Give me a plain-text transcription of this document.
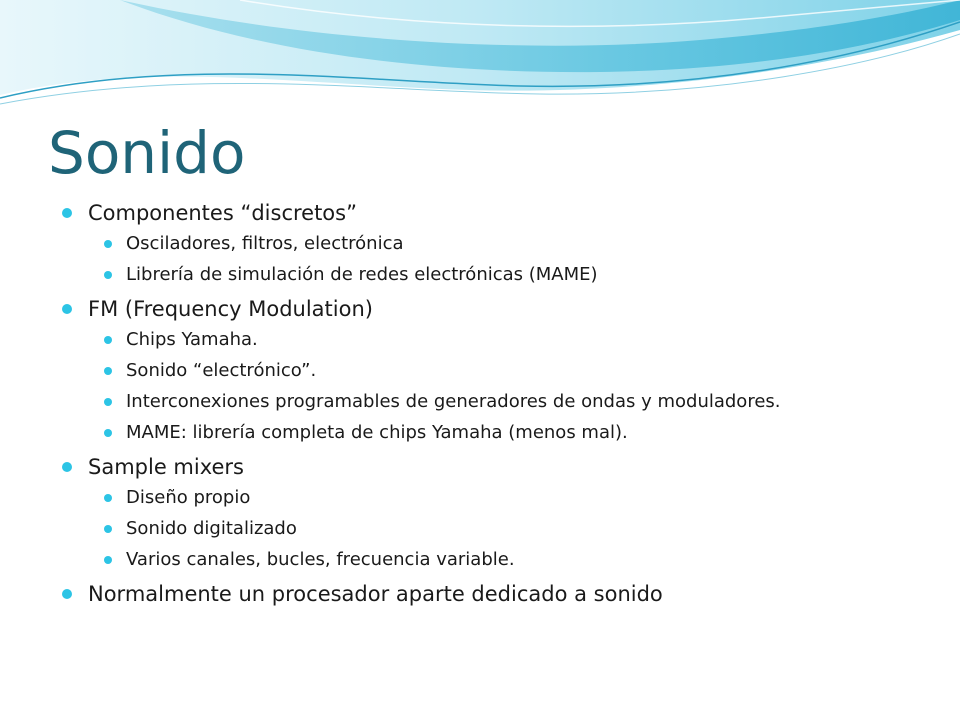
Sonido
Componentes “discretos”
Osciladores, filtros, electrónica
Librería de simulación de redes electrónicas (MAME)
FM (Frequency Modulation)
Chips Yamaha.
Sonido “electrónico”.
Interconexiones programables de generadores de ondas y moduladores.
MAME: librería completa de chips Yamaha (menos mal).
Sample mixers
Diseño propio
Sonido digitalizado
Varios canales, bucles, frecuencia variable.
Normalmente un procesador aparte dedicado a sonido
